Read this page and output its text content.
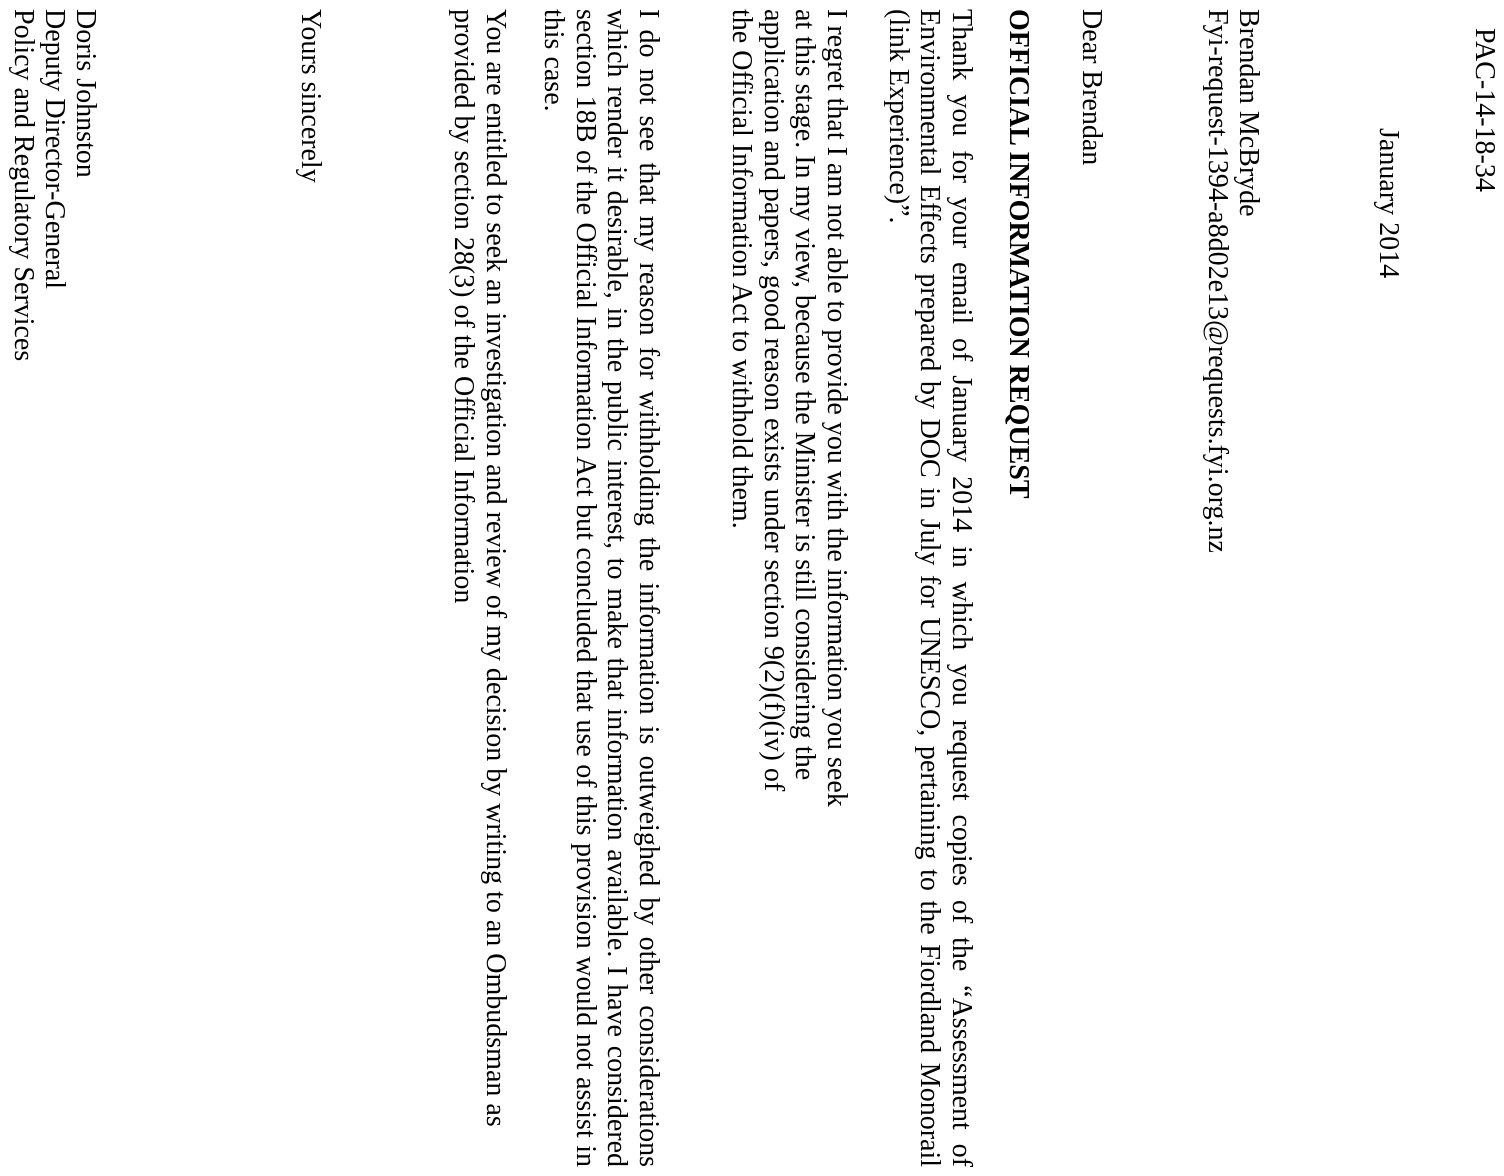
PAC-14-18-34
January 2014
Brendan McBryde
Fyi-request-1394-a8d02e13@requests.fyi.org.nz
Dear Brendan
OFFICIAL INFORMATION REQUEST
Thank you for your email of January 2014 in which you request copies of the “Assessment of Environmental Effects prepared by DOC in July for UNESCO, pertaining to the Fiordland Monorail (link Experience)”.
I regret that I am not able to provide you with the information you seek at this stage. In my view, because the Minister is still considering the application and papers, good reason exists under section 9(2)(f)(iv) of the Official Information Act to withhold them.
I do not see that my reason for withholding the information is outweighed by other considerations which render it desirable, in the public interest, to make that information available. I have considered section 18B of the Official Information Act but concluded that use of this provision would not assist in this case.
You are entitled to seek an investigation and review of my decision by writing to an Ombudsman as provided by section 28(3) of the Official Information
Yours sincerely
Doris Johnston
Deputy Director-General
Policy and Regulatory Services
